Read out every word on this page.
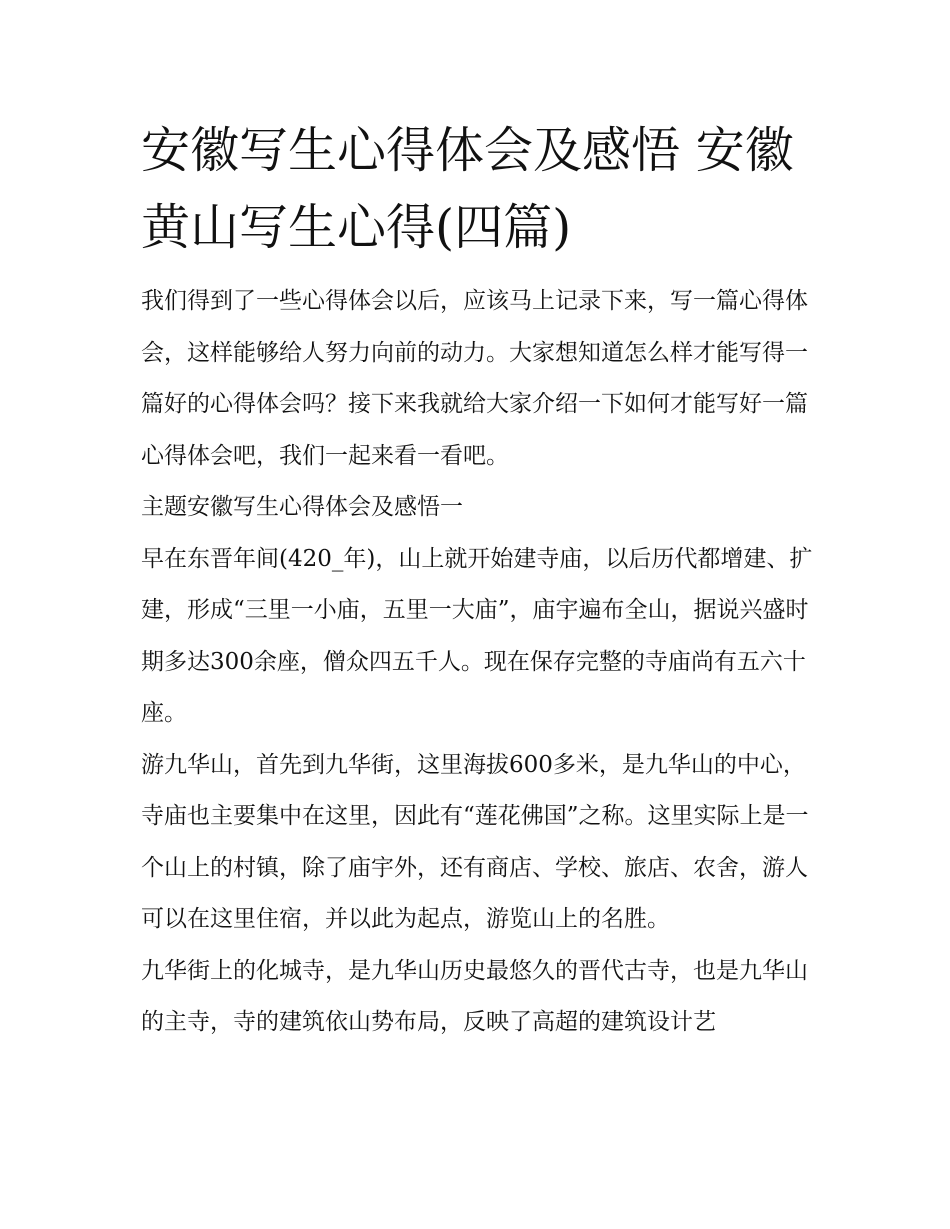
安徽写生心得体会及感悟 安徽黄山写生心得(四篇)

我们得到了一些心得体会以后，应该马上记录下来，写一篇心得体会，这样能够给人努力向前的动力。大家想知道怎么样才能写得一篇好的心得体会吗？接下来我就给大家介绍一下如何才能写好一篇心得体会吧，我们一起来看一看吧。

主题安徽写生心得体会及感悟一

早在东晋年间(420_年)，山上就开始建寺庙，以后历代都增建、扩建，形成“三里一小庙，五里一大庙”，庙宇遍布全山，据说兴盛时期多达300余座，僧众四五千人。现在保存完整的寺庙尚有五六十座。

游九华山，首先到九华街，这里海拔600多米，是九华山的中心，寺庙也主要集中在这里，因此有“莲花佛国”之称。这里实际上是一个山上的村镇，除了庙宇外，还有商店、学校、旅店、农舍，游人可以在这里住宿，并以此为起点，游览山上的名胜。

九华街上的化城寺，是九华山历史最悠久的晋代古寺，也是九华山的主寺，寺的建筑依山势布局，反映了高超的建筑设计艺
